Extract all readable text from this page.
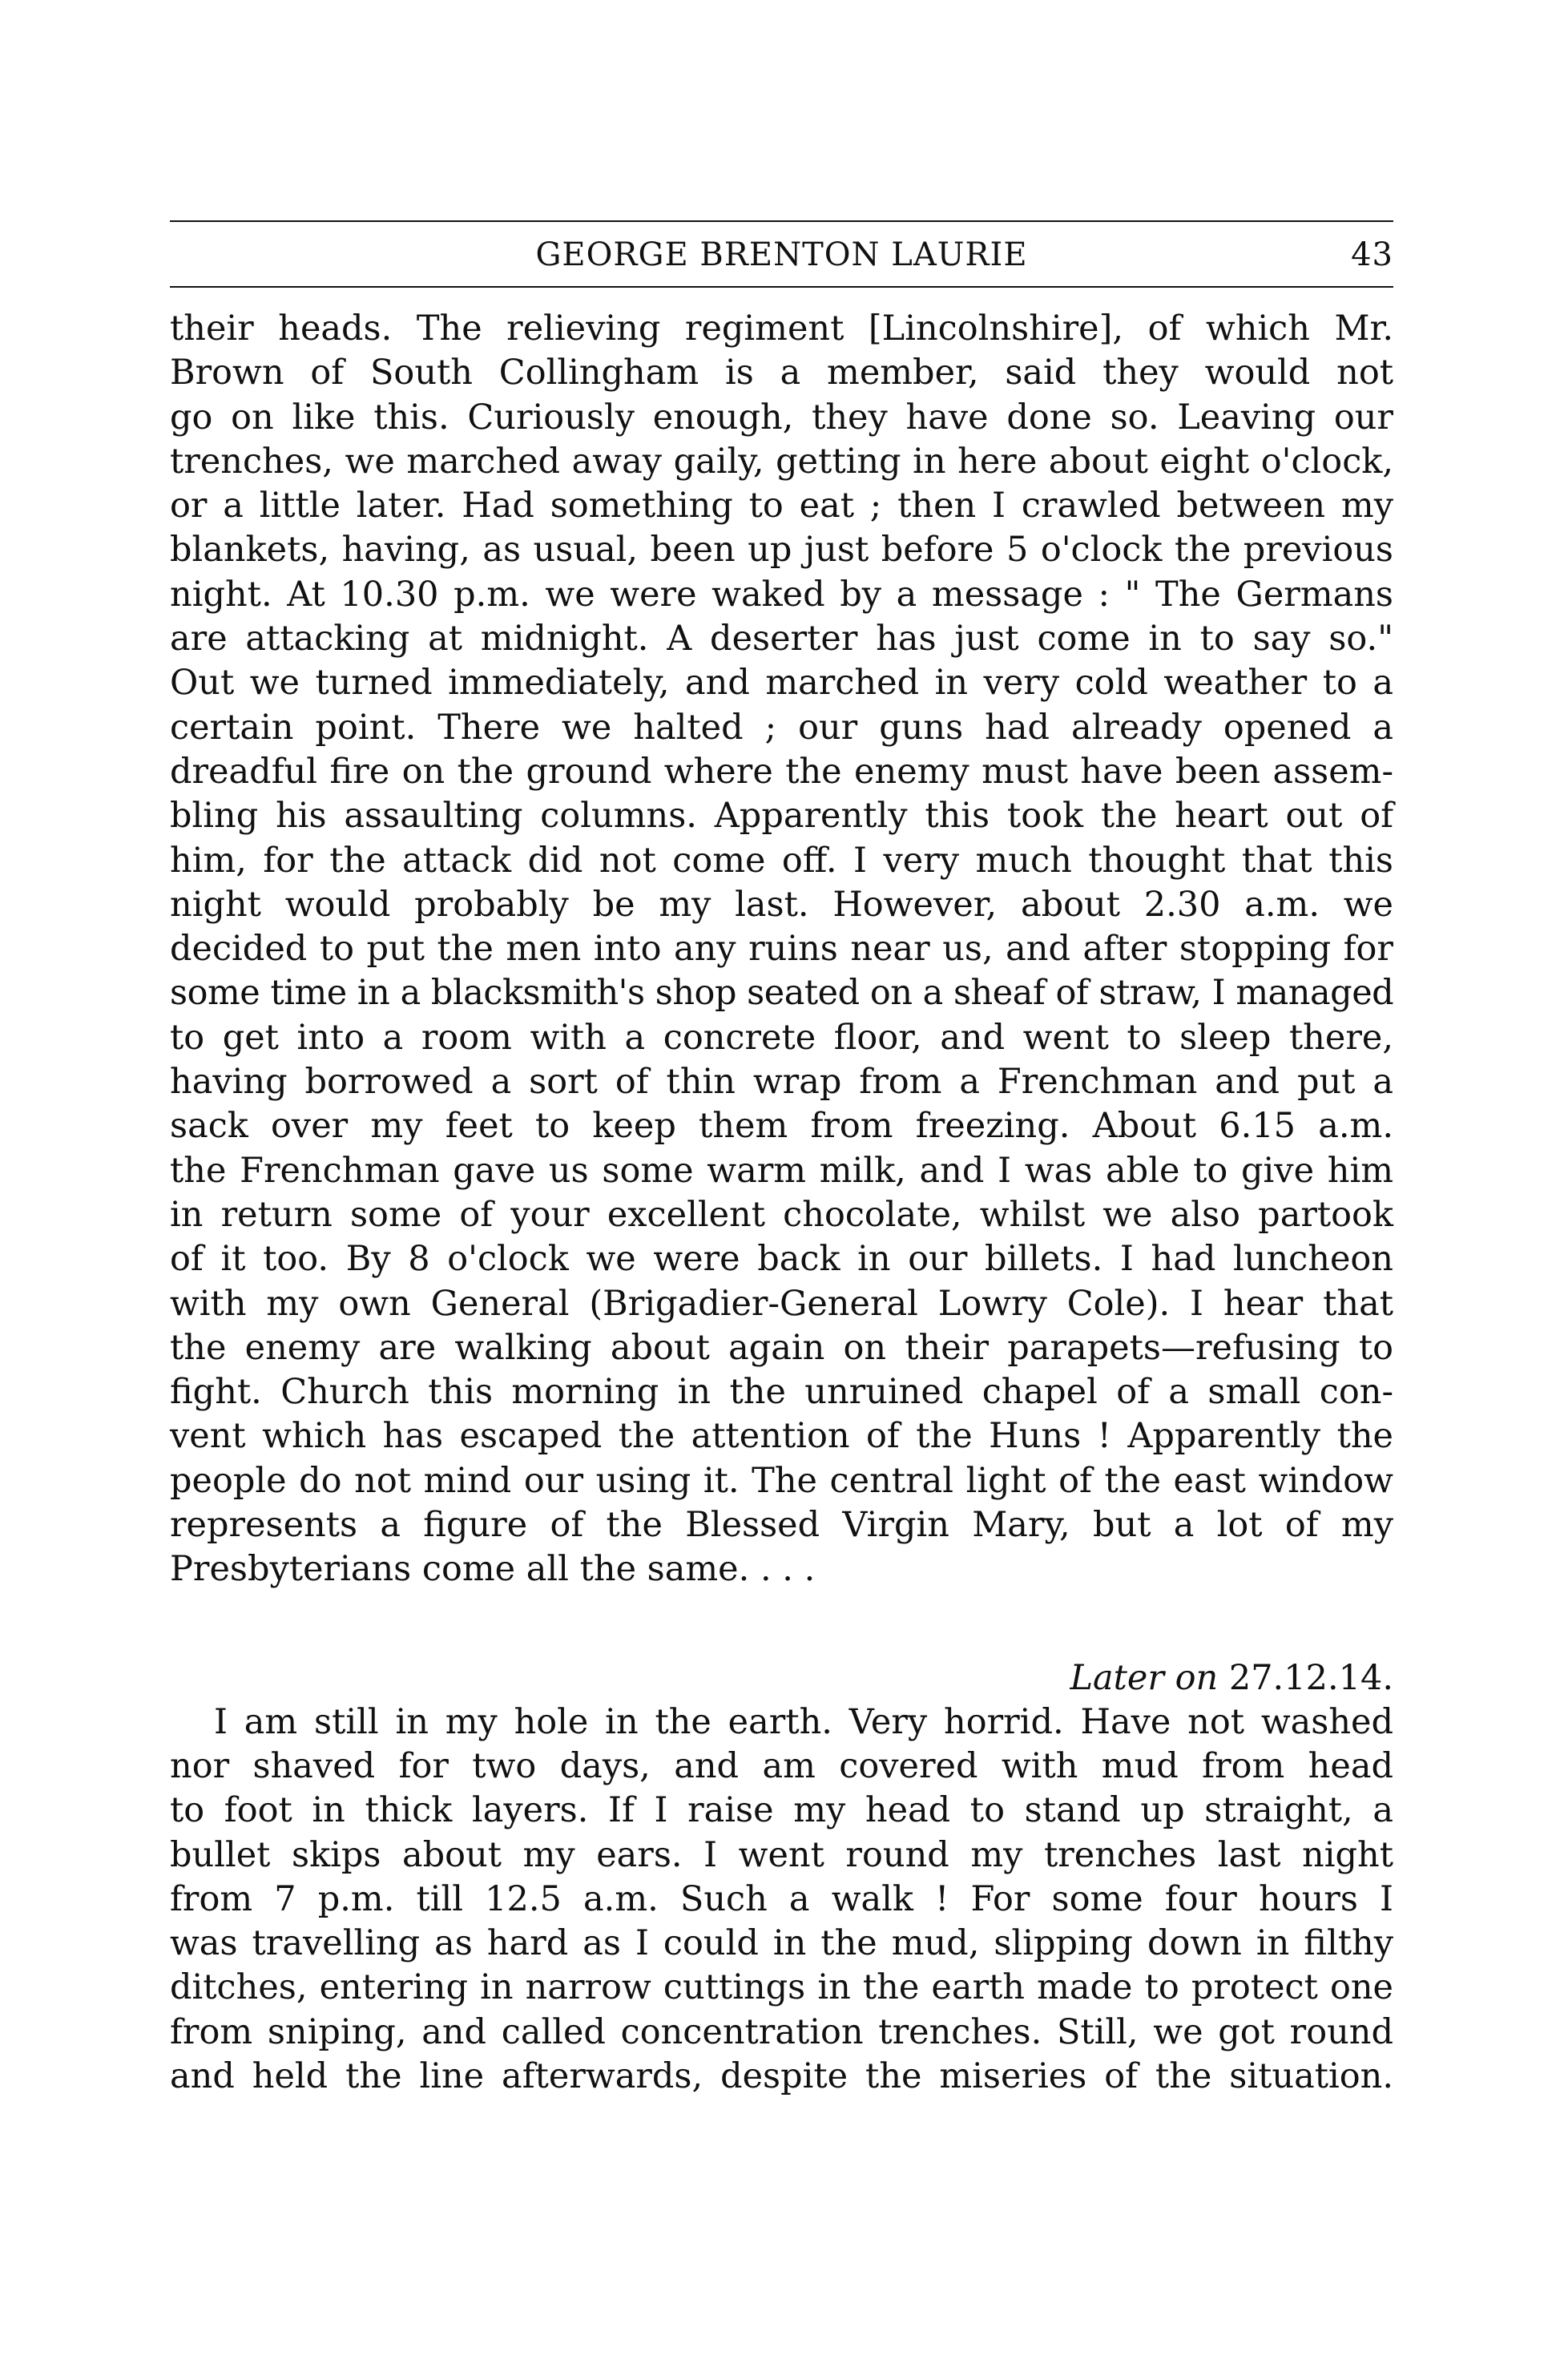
GEORGE BRENTON LAURIE	43
their heads. The relieving regiment [Lincolnshire], of which Mr.
Brown of South Collingham is a member, said they would not
go on like this. Curiously enough, they have done so. Leaving our
trenches, we marched away gaily, getting in here about eight o'clock,
or a little later. Had something to eat ; then I crawled between my
blankets, having, as usual, been up just before 5 o'clock the previous
night. At 10.30 p.m. we were waked by a message : " The Germans
are attacking at midnight. A deserter has just come in to say so."
Out we turned immediately, and marched in very cold weather to a
certain point. There we halted ; our guns had already opened a
dreadful fire on the ground where the enemy must have been assem-
bling his assaulting columns. Apparently this took the heart out of
him, for the attack did not come off. I very much thought that this
night would probably be my last. However, about 2.30 a.m. we
decided to put the men into any ruins near us, and after stopping for
some time in a blacksmith's shop seated on a sheaf of straw, I managed
to get into a room with a concrete floor, and went to sleep there,
having borrowed a sort of thin wrap from a Frenchman and put a
sack over my feet to keep them from freezing. About 6.15 a.m.
the Frenchman gave us some warm milk, and I was able to give him
in return some of your excellent chocolate, whilst we also partook
of it too. By 8 o'clock we were back in our billets. I had luncheon
with my own General (Brigadier-General Lowry Cole). I hear that
the enemy are walking about again on their parapets—refusing to
fight. Church this morning in the unruined chapel of a small con-
vent which has escaped the attention of the Huns ! Apparently the
people do not mind our using it. The central light of the east window
represents a figure of the Blessed Virgin Mary, but a lot of my
Presbyterians come all the same. . . .
Later on 27.12.14.
I am still in my hole in the earth. Very horrid. Have not washed
nor shaved for two days, and am covered with mud from head
to foot in thick layers. If I raise my head to stand up straight, a
bullet skips about my ears. I went round my trenches last night
from 7 p.m. till 12.5 a.m. Such a walk ! For some four hours I
was travelling as hard as I could in the mud, slipping down in filthy
ditches, entering in narrow cuttings in the earth made to protect one
from sniping, and called concentration trenches. Still, we got round
and held the line afterwards, despite the miseries of the situation.
